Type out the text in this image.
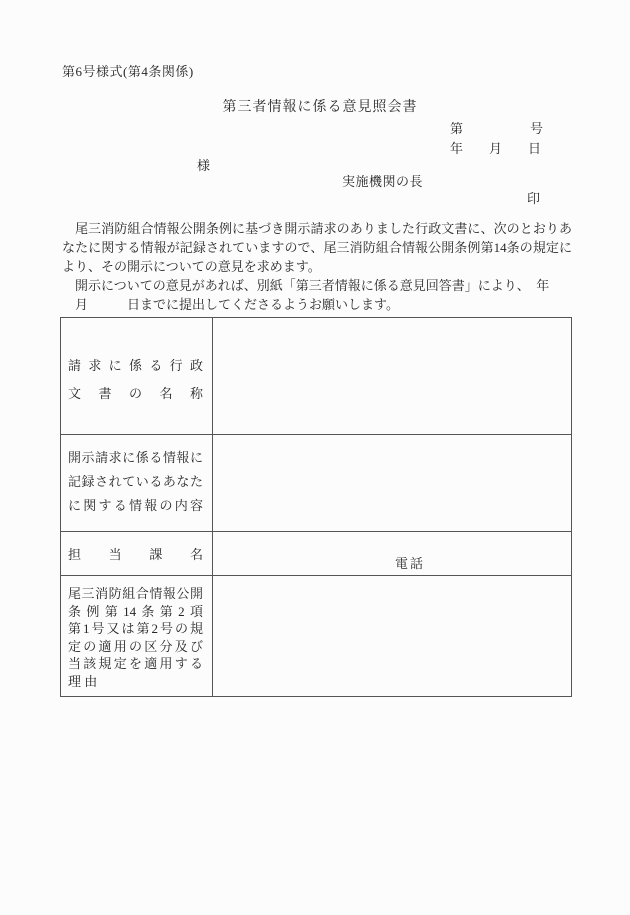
第6号様式(第4条関係)
第三者情報に係る意見照会書
第	号
年 月 日
様
実施機関の長
印
　尾三消防組合情報公開条例に基づき開示請求のありました行政文書に、次のとおりあなたに関する情報が記録されていますので、尾三消防組合情報公開条例第14条の規定により、その開示についての意見を求めます。
　開示についての意見があれば、別紙「第三者情報に係る意見回答書」により、　年
　月　　　日までに提出してくださるようお願いします。
請 求 に 係 る 行 政
文 書 の 名 称
開示請求に係る情報に
記録されているあなた
に関する情報の内容
担 当 課 名
電話
尾三消防組合情報公開
条例第14条第2項
第1号又は第2号の規
定の適用の区分及び
当該規定を適用する
理 由
